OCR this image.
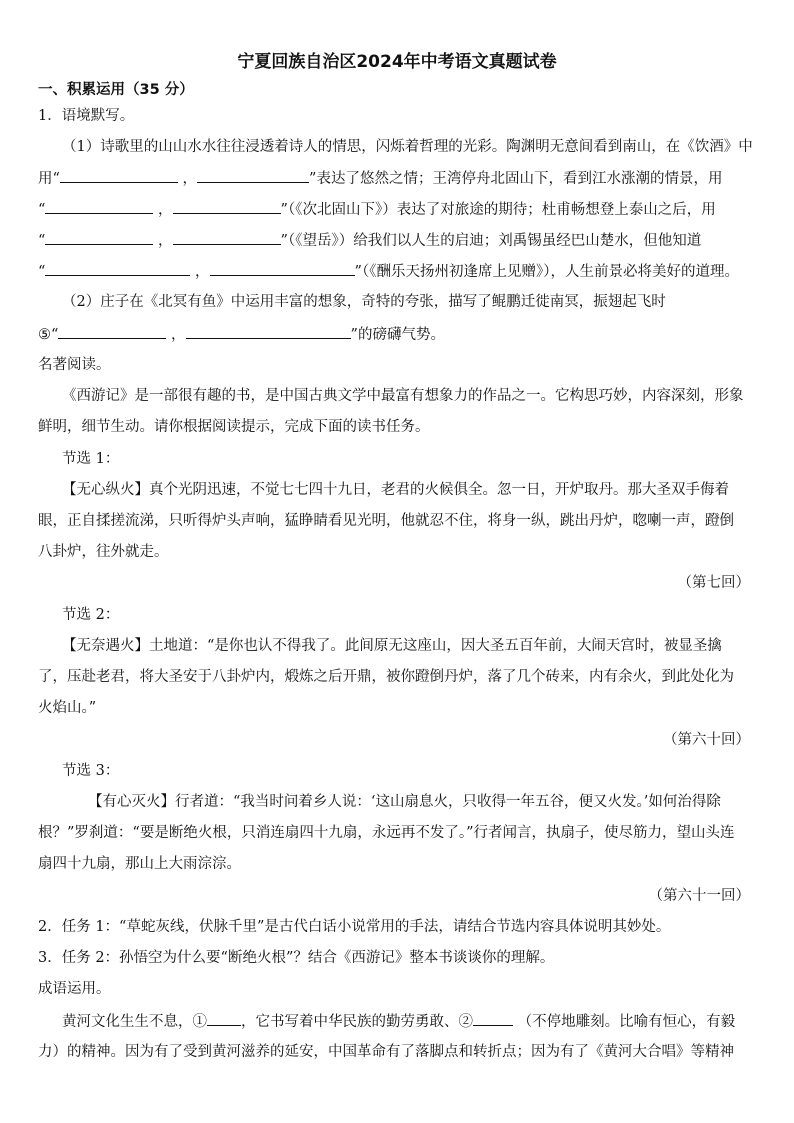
宁夏回族自治区2024年中考语文真题试卷
一、积累运用（35 分）
1．语境默写。
（1）诗歌里的山山水水往往浸透着诗人的情思，闪烁着哲理的光彩。陶渊明无意间看到南山，在《饮酒》中
用“	，	”表达了悠然之情；王湾停舟北固山下，看到江水涨潮的情景，用
“	，	”（《次北固山下》）表达了对旅途的期待；杜甫畅想登上泰山之后，用
“	，	”（《望岳》）给我们以人生的启迪；刘禹锡虽经巴山楚水，但他知道
“	，	”（《酬乐天扬州初逢席上见赠》），人生前景必将美好的道理。
（2）庄子在《北冥有鱼》中运用丰富的想象，奇特的夸张，描写了鲲鹏迁徙南冥，振翅起飞时
⑤“	，	”的磅礴气势。
名著阅读。
《西游记》是一部很有趣的书，是中国古典文学中最富有想象力的作品之一。它构思巧妙，内容深刻，形象
鲜明，细节生动。请你根据阅读提示，完成下面的读书任务。
节选 1：
【无心纵火】真个光阴迅速，不觉七七四十九日，老君的火候俱全。忽一日，开炉取丹。那大圣双手侮着
眼，正自揉搓流涕，只听得炉头声响，猛睁睛看见光明，他就忍不住，将身一纵，跳出丹炉，唿喇一声，蹬倒
八卦炉，往外就走。
（第七回）
节选 2：
【无奈遇火】土地道：“是你也认不得我了。此间原无这座山，因大圣五百年前，大闹天宫时，被显圣擒
了，压赴老君，将大圣安于八卦炉内，煅炼之后开鼎，被你蹬倒丹炉，落了几个砖来，内有余火，到此处化为
火焰山。”
（第六十回）
节选 3：
【有心灭火】行者道：“我当时问着乡人说：‘这山扇息火，只收得一年五谷，便又火发。’如何治得除
根？”罗刹道：“要是断绝火根，只消连扇四十九扇，永远再不发了。”行者闻言，执扇子，使尽筋力，望山头连
扇四十九扇，那山上大雨淙淙。
（第六十一回）
2．任务 1：“草蛇灰线，伏脉千里”是古代白话小说常用的手法，请结合节选内容具体说明其妙处。
3．任务 2：孙悟空为什么要“断绝火根”？结合《西游记》整本书谈谈你的理解。
成语运用。
黄河文化生生不息，① ，它书写着中华民族的勤劳勇敢、②	（不停地雕刻。比喻有恒心，有毅
力）的精神。因为有了受到黄河滋养的延安，中国革命有了落脚点和转折点；因为有了《黄河大合唱》等精神
